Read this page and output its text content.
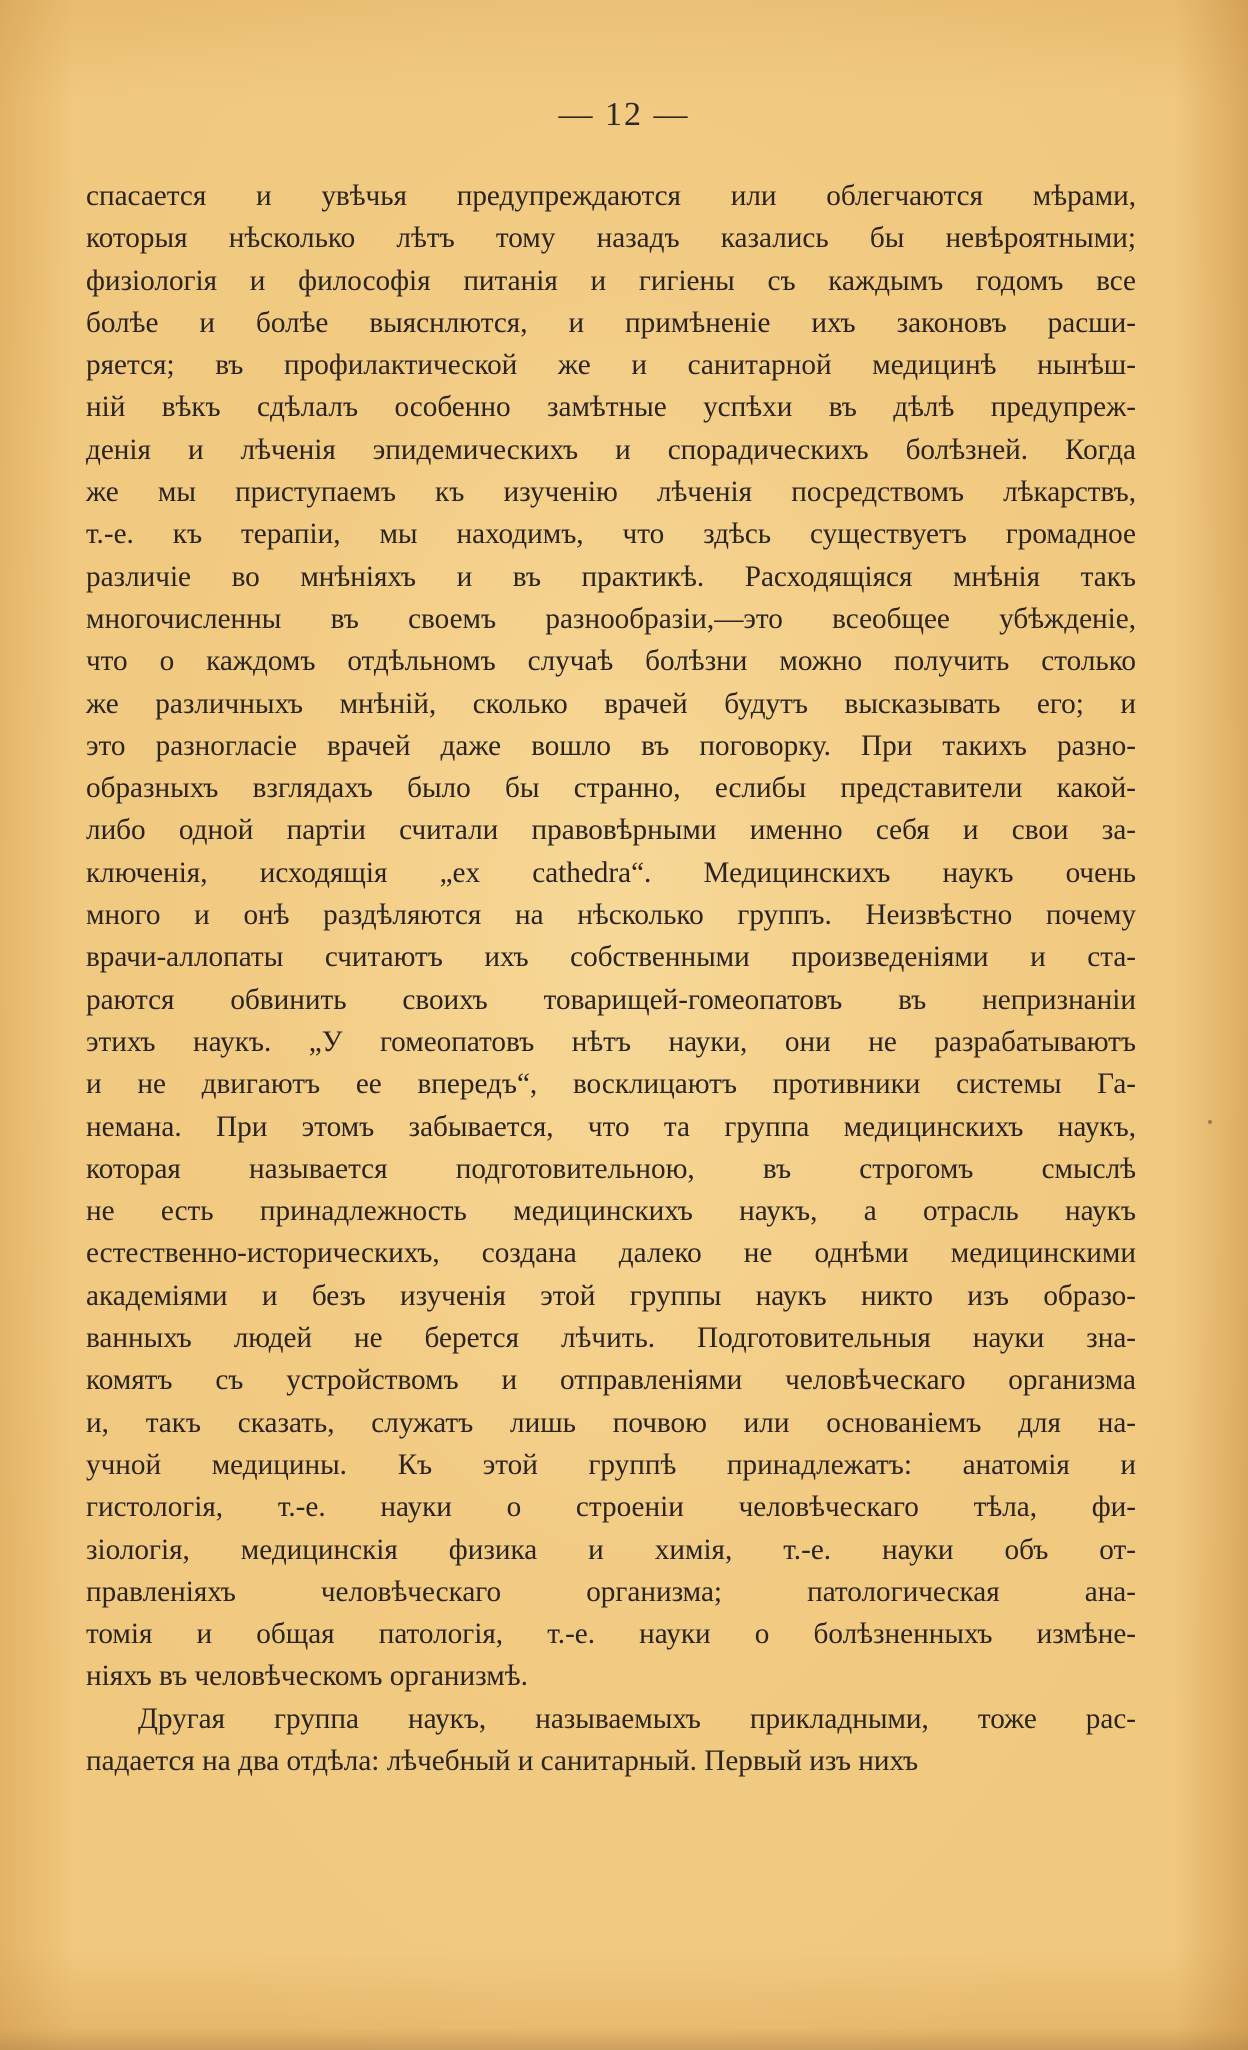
— 12 —
спасается и увѣчья предупреждаются или облегчаются мѣрами,
которыя нѣсколько лѣтъ тому назадъ казались бы невѣроятными;
физіологія и философія питанія и гигіены съ каждымъ годомъ все
болѣе и болѣе выяснлются, и примѣненіе ихъ законовъ расши-
ряется; въ профилактической же и санитарной медицинѣ нынѣш-
ній вѣкъ сдѣлалъ особенно замѣтные успѣхи въ дѣлѣ предупреж-
денія и лѣченія эпидемическихъ и спорадическихъ болѣзней. Когда
же мы приступаемъ къ изученію лѣченія посредствомъ лѣкарствъ,
т.-е. къ терапіи, мы находимъ, что здѣсь существуетъ громадное
различіе во мнѣніяхъ и въ практикѣ. Расходящіяся мнѣнія такъ
многочисленны въ своемъ разнообразіи,—это всеобщее убѣжденіе,
что о каждомъ отдѣльномъ случаѣ болѣзни можно получить столько
же различныхъ мнѣній, сколько врачей будутъ высказывать его; и
это разногласіе врачей даже вошло въ поговорку. При такихъ разно-
образныхъ взглядахъ было бы странно, еслибы представители какой-
либо одной партіи считали правовѣрными именно себя и свои за-
ключенія, исходящія „ex cathedra“. Медицинскихъ наукъ очень
много и онѣ раздѣляются на нѣсколько группъ. Неизвѣстно почему
врачи-аллопаты считаютъ ихъ собственными произведеніями и ста-
раются обвинить своихъ товарищей-гомеопатовъ въ непризнаніи
этихъ наукъ. „У гомеопатовъ нѣтъ науки, они не разрабатываютъ
и не двигаютъ ее впередъ“, восклицаютъ противники системы Га-
немана. При этомъ забывается, что та группа медицинскихъ наукъ,
которая называется подготовительною, въ строгомъ смыслѣ
не есть принадлежность медицинскихъ наукъ, а отрасль наукъ
естественно-историческихъ, создана далеко не однѣми медицинскими
академіями и безъ изученія этой группы наукъ никто изъ образо-
ванныхъ людей не берется лѣчить. Подготовительныя науки зна-
комятъ съ устройствомъ и отправленіями человѣческаго организма
и, такъ сказать, служатъ лишь почвою или основаніемъ для на-
учной медицины. Къ этой группѣ принадлежатъ: анатомія и
гистологія, т.-е. науки о строеніи человѣческаго тѣла, фи-
зіологія, медицинскія физика и химія, т.-е. науки объ от-
правленіяхъ человѣческаго организма; патологическая ана-
томія и общая патологія, т.-е. науки о болѣзненныхъ измѣне-
ніяхъ въ человѣческомъ организмѣ.
Другая группа наукъ, называемыхъ прикладными, тоже рас-
падается на два отдѣла: лѣчебный и санитарный. Первый изъ нихъ
